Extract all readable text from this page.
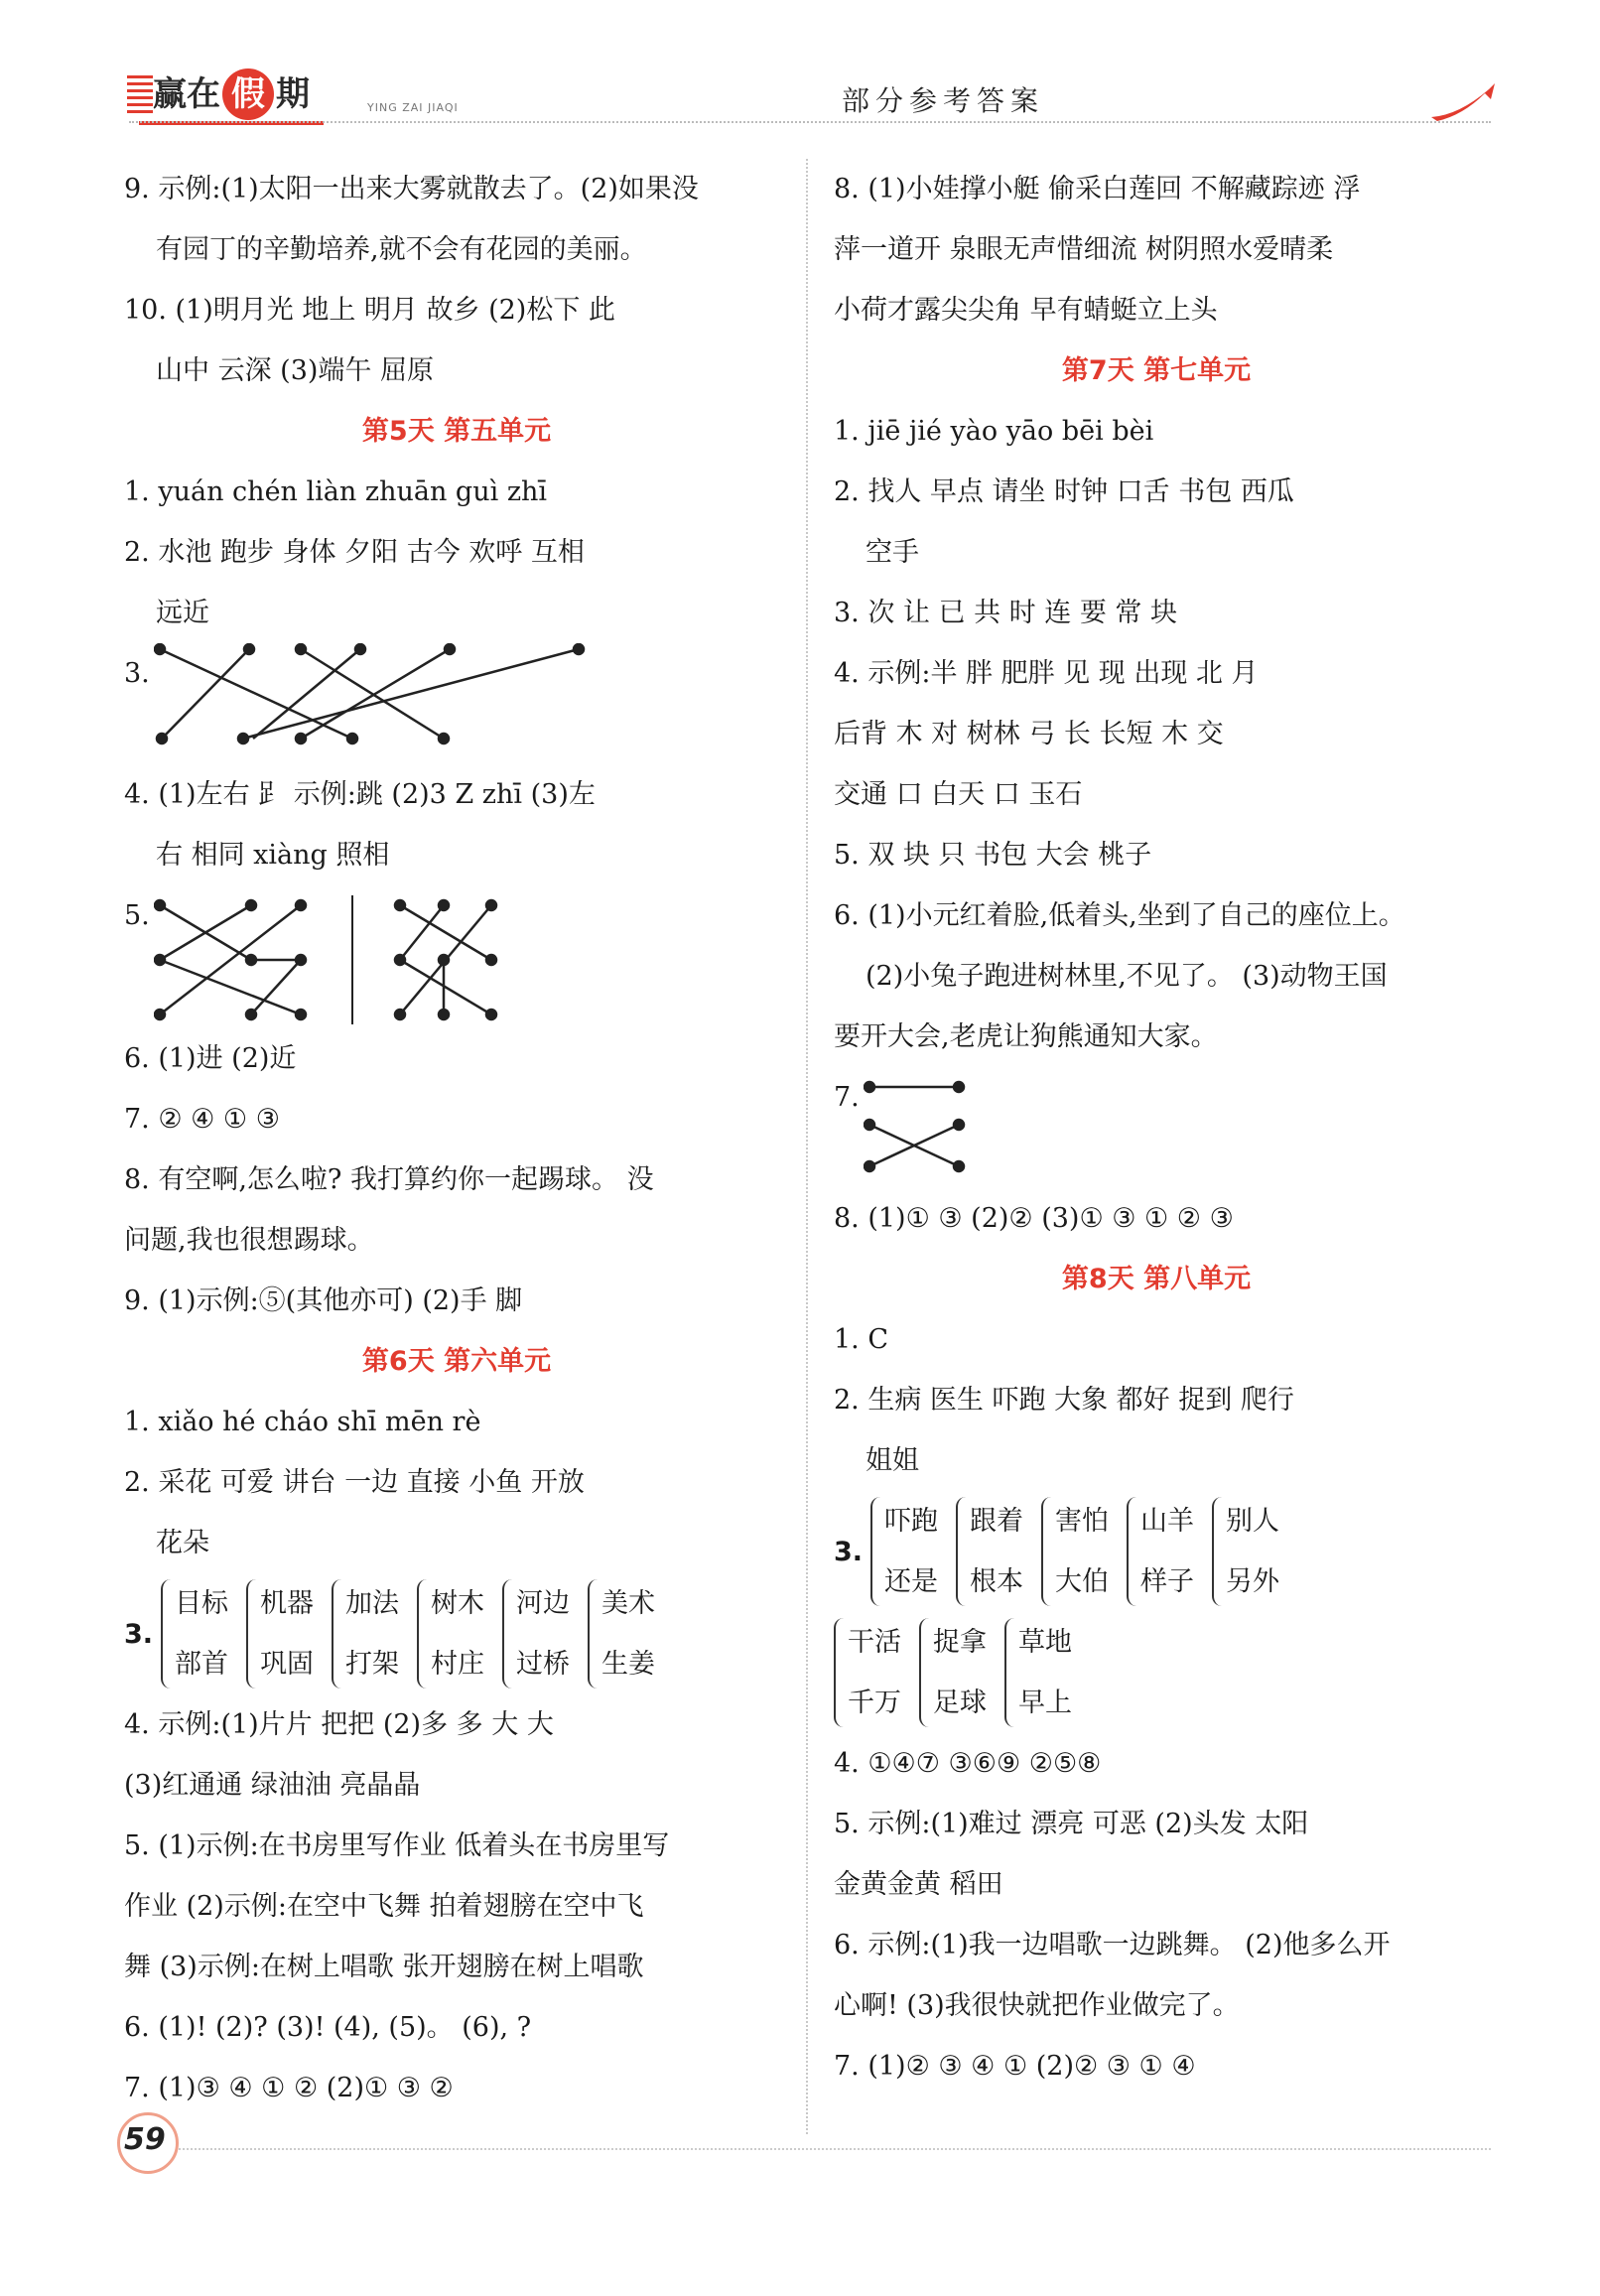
赢在 假 期	YING ZAI JIAQI	部分参考答案
9. 示例:(1)太阳一出来大雾就散去了。(2)如果没
有园丁的辛勤培养,就不会有花园的美丽。
10. (1)明月光 地上 明月 故乡 (2)松下 此
山中 云深 (3)端午 屈原
第5天 第五单元
1. yuán chén liàn zhuān guì zhī
2. 水池 跑步 身体 夕阳 古今 欢呼 互相
远近
3.
4. (1)左右 𧾷 示例:跳 (2)3 Z zhī (3)左
右 相同 xiàng 照相
5.
6. (1)进 (2)近
7. ② ④ ① ③
8. 有空啊,怎么啦? 我打算约你一起踢球。 没
问题,我也很想踢球。
9. (1)示例:⑤(其他亦可) (2)手 脚
第6天 第六单元
1. xiǎo hé cháo shī mēn rè
2. 采花 可爱 讲台 一边 直接 小鱼 开放
花朵
3.
目标
部首
机器
巩固
加法
打架
树木
村庄
河边
过桥
美术
生姜
4. 示例:(1)片片 把把 (2)多 多 大 大
(3)红通通 绿油油 亮晶晶
5. (1)示例:在书房里写作业 低着头在书房里写
作业 (2)示例:在空中飞舞 拍着翅膀在空中飞
舞 (3)示例:在树上唱歌 张开翅膀在树上唱歌
6. (1)! (2)? (3)! (4), (5)。 (6), ?
7. (1)③ ④ ① ② (2)① ③ ②
8. (1)小娃撑小艇 偷采白莲回 不解藏踪迹 浮
萍一道开 泉眼无声惜细流 树阴照水爱晴柔
小荷才露尖尖角 早有蜻蜓立上头
第7天 第七单元
1. jiē jié yào yāo bēi bèi
2. 找人 早点 请坐 时钟 口舌 书包 西瓜
空手
3. 次 让 已 共 时 连 要 常 块
4. 示例:半 胖 肥胖 见 现 出现 北 月
后背 木 对 树林 弓 长 长短 木 交
交通 口 白天 口 玉石
5. 双 块 只 书包 大会 桃子
6. (1)小元红着脸,低着头,坐到了自己的座位上。
(2)小兔子跑进树林里,不见了。 (3)动物王国
要开大会,老虎让狗熊通知大家。
7.
8. (1)① ③ (2)② (3)① ③ ① ② ③
第8天 第八单元
1. C
2. 生病 医生 吓跑 大象 都好 捉到 爬行
姐姐
3.
吓跑
还是
跟着
根本
害怕
大伯
山羊
样子
别人
另外
干活
千万
捉拿
足球
草地
早上
4. ①④⑦ ③⑥⑨ ②⑤⑧
5. 示例:(1)难过 漂亮 可恶 (2)头发 太阳
金黄金黄 稻田
6. 示例:(1)我一边唱歌一边跳舞。 (2)他多么开
心啊! (3)我很快就把作业做完了。
7. (1)② ③ ④ ① (2)② ③ ① ④
59
